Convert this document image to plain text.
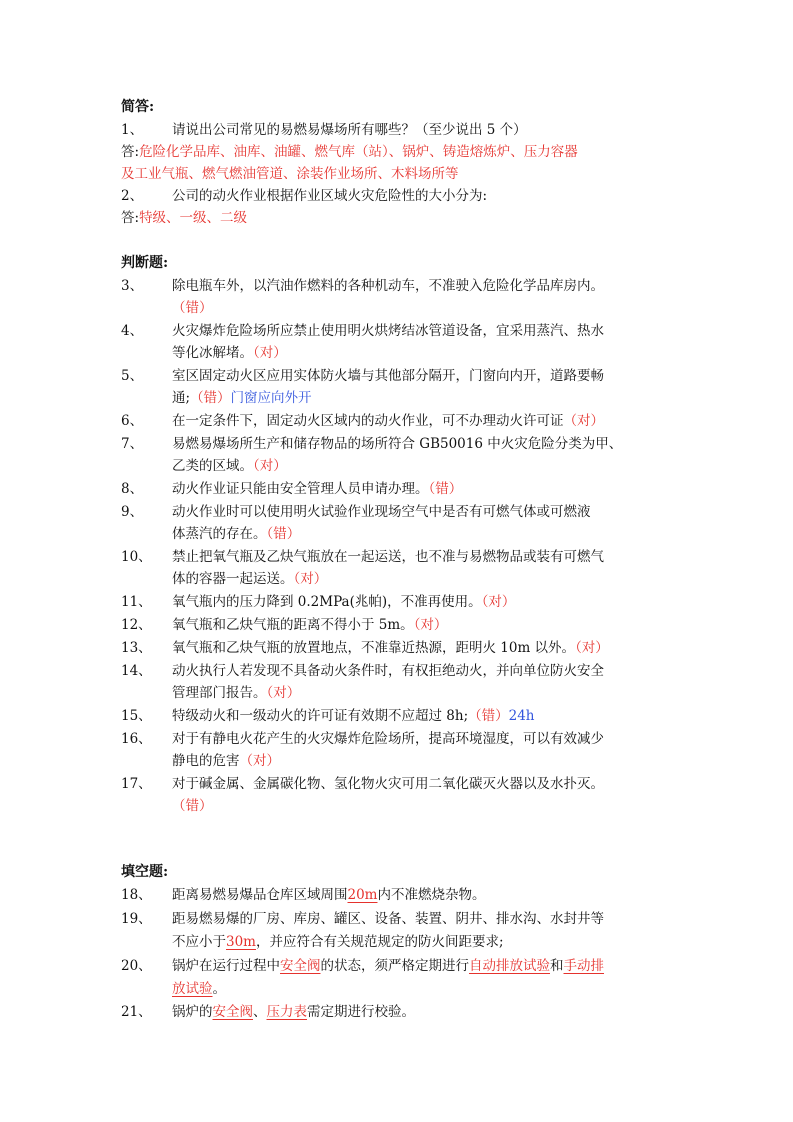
简答:
1、 请说出公司常见的易燃易爆场所有哪些？（至少说出 5 个）
答:危险化学品库、油库、油罐、燃气库（站）、锅炉、铸造熔炼炉、压力容器
及工业气瓶、燃气燃油管道、涂装作业场所、木料场所等
2、 公司的动火作业根据作业区域火灾危险性的大小分为:
答:特级、一级、二级
判断题:
3、 除电瓶车外，以汽油作燃料的各种机动车，不准驶入危险化学品库房内。
（错）
4、 火灾爆炸危险场所应禁止使用明火烘烤结冰管道设备，宜采用蒸汽、热水
等化冰解堵。（对）
5、 室区固定动火区应用实体防火墙与其他部分隔开，门窗向内开，道路要畅
通;（错）门窗应向外开
6、 在一定条件下，固定动火区域内的动火作业，可不办理动火许可证（对）
7、 易燃易爆场所生产和储存物品的场所符合 GB50016 中火灾危险分类为甲、
乙类的区域。（对）
8、 动火作业证只能由安全管理人员申请办理。（错）
9、 动火作业时可以使用明火试验作业现场空气中是否有可燃气体或可燃液
体蒸汽的存在。（错）
10、 禁止把氧气瓶及乙炔气瓶放在一起运送，也不准与易燃物品或装有可燃气
体的容器一起运送。（对）
11、 氧气瓶内的压力降到 0.2MPa(兆帕)，不准再使用。（对）
12、 氧气瓶和乙炔气瓶的距离不得小于 5m。（对）
13、 氧气瓶和乙炔气瓶的放置地点，不准靠近热源，距明火 10m 以外。（对）
14、 动火执行人若发现不具备动火条件时，有权拒绝动火，并向单位防火安全
管理部门报告。（对）
15、 特级动火和一级动火的许可证有效期不应超过 8h;（错）24h
16、 对于有静电火花产生的火灾爆炸危险场所，提高环境湿度，可以有效减少
静电的危害（对）
17、 对于碱金属、金属碳化物、氢化物火灾可用二氧化碳灭火器以及水扑灭。
（错）
填空题:
18、 距离易燃易爆品仓库区域周围20m内不准燃烧杂物。
19、 距易燃易爆的厂房、库房、罐区、设备、装置、阴井、排水沟、水封井等
不应小于30m，并应符合有关规范规定的防火间距要求;
20、 锅炉在运行过程中安全阀的状态，须严格定期进行自动排放试验和手动排
放试验。
21、 锅炉的安全阀、压力表需定期进行校验。
